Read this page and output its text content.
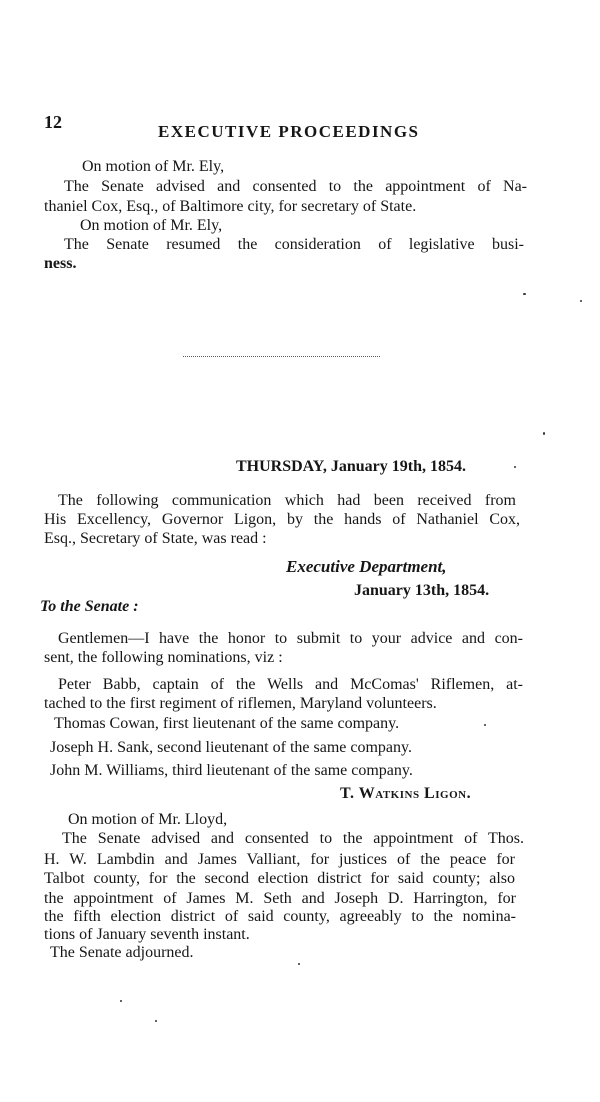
12	EXECUTIVE PROCEEDINGS
On motion of Mr. Ely,
The Senate advised and consented to the appointment of Na-
thaniel Cox, Esq., of Baltimore city, for secretary of State.
On motion of Mr. Ely,
The Senate resumed the consideration of legislative busi-
ness.
THURSDAY, January 19th, 1854.
The following communication which had been received from
His Excellency, Governor Ligon, by the hands of Nathaniel Cox,
Esq., Secretary of State, was read :
Executive Department,
January 13th, 1854.
To the Senate :
Gentlemen—I have the honor to submit to your advice and con-
sent, the following nominations, viz :
Peter Babb, captain of the Wells and McComas' Riflemen, at-
tached to the first regiment of riflemen, Maryland volunteers.
Thomas Cowan, first lieutenant of the same company.
Joseph H. Sank, second lieutenant of the same company.
John M. Williams, third lieutenant of the same company.
T. Watkins Ligon.
On motion of Mr. Lloyd,
The Senate advised and consented to the appointment of Thos.
H. W. Lambdin and James Valliant, for justices of the peace for
Talbot county, for the second election district for said county; also
the appointment of James M. Seth and Joseph D. Harrington, for
the fifth election district of said county, agreeably to the nomina-
tions of January seventh instant.
The Senate adjourned.
